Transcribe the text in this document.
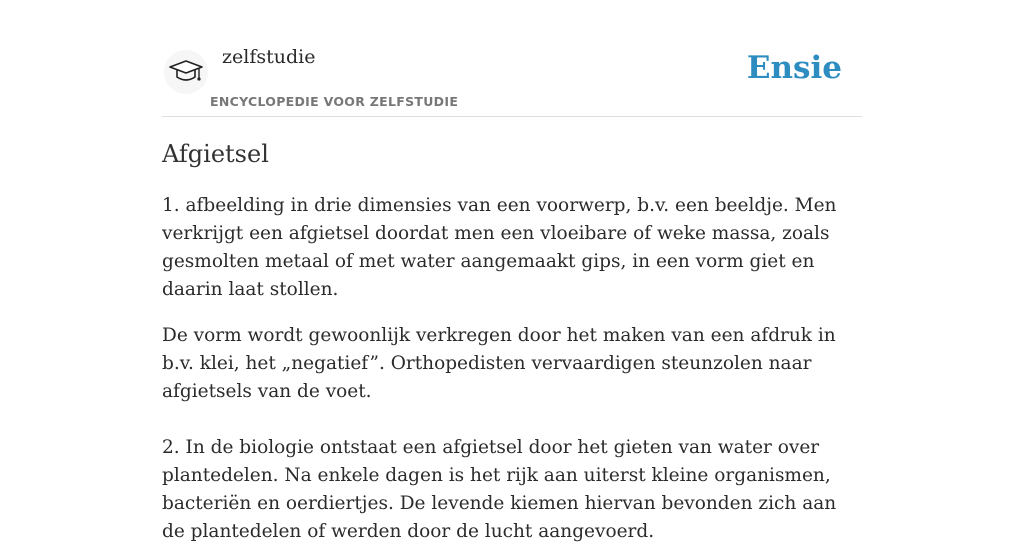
zelfstudie
ENCYCLOPEDIE VOOR ZELFSTUDIE
Ensie
Afgietsel

1. afbeelding in drie dimensies van een voorwerp, b.v. een beeldje. Men verkrijgt een afgietsel doordat men een vloeibare of weke massa, zoals gesmolten metaal of met water aangemaakt gips, in een vorm giet en daarin laat stollen.

De vorm wordt gewoonlijk verkregen door het maken van een afdruk in b.v. klei, het „negatief”. Orthopedisten vervaardigen steunzolen naar afgietsels van de voet.

2. In de biologie ontstaat een afgietsel door het gieten van water over plantedelen. Na enkele dagen is het rijk aan uiterst kleine organismen, bacteriën en oerdiertjes. De levende kiemen hiervan bevonden zich aan de plantedelen of werden door de lucht aangevoerd.
